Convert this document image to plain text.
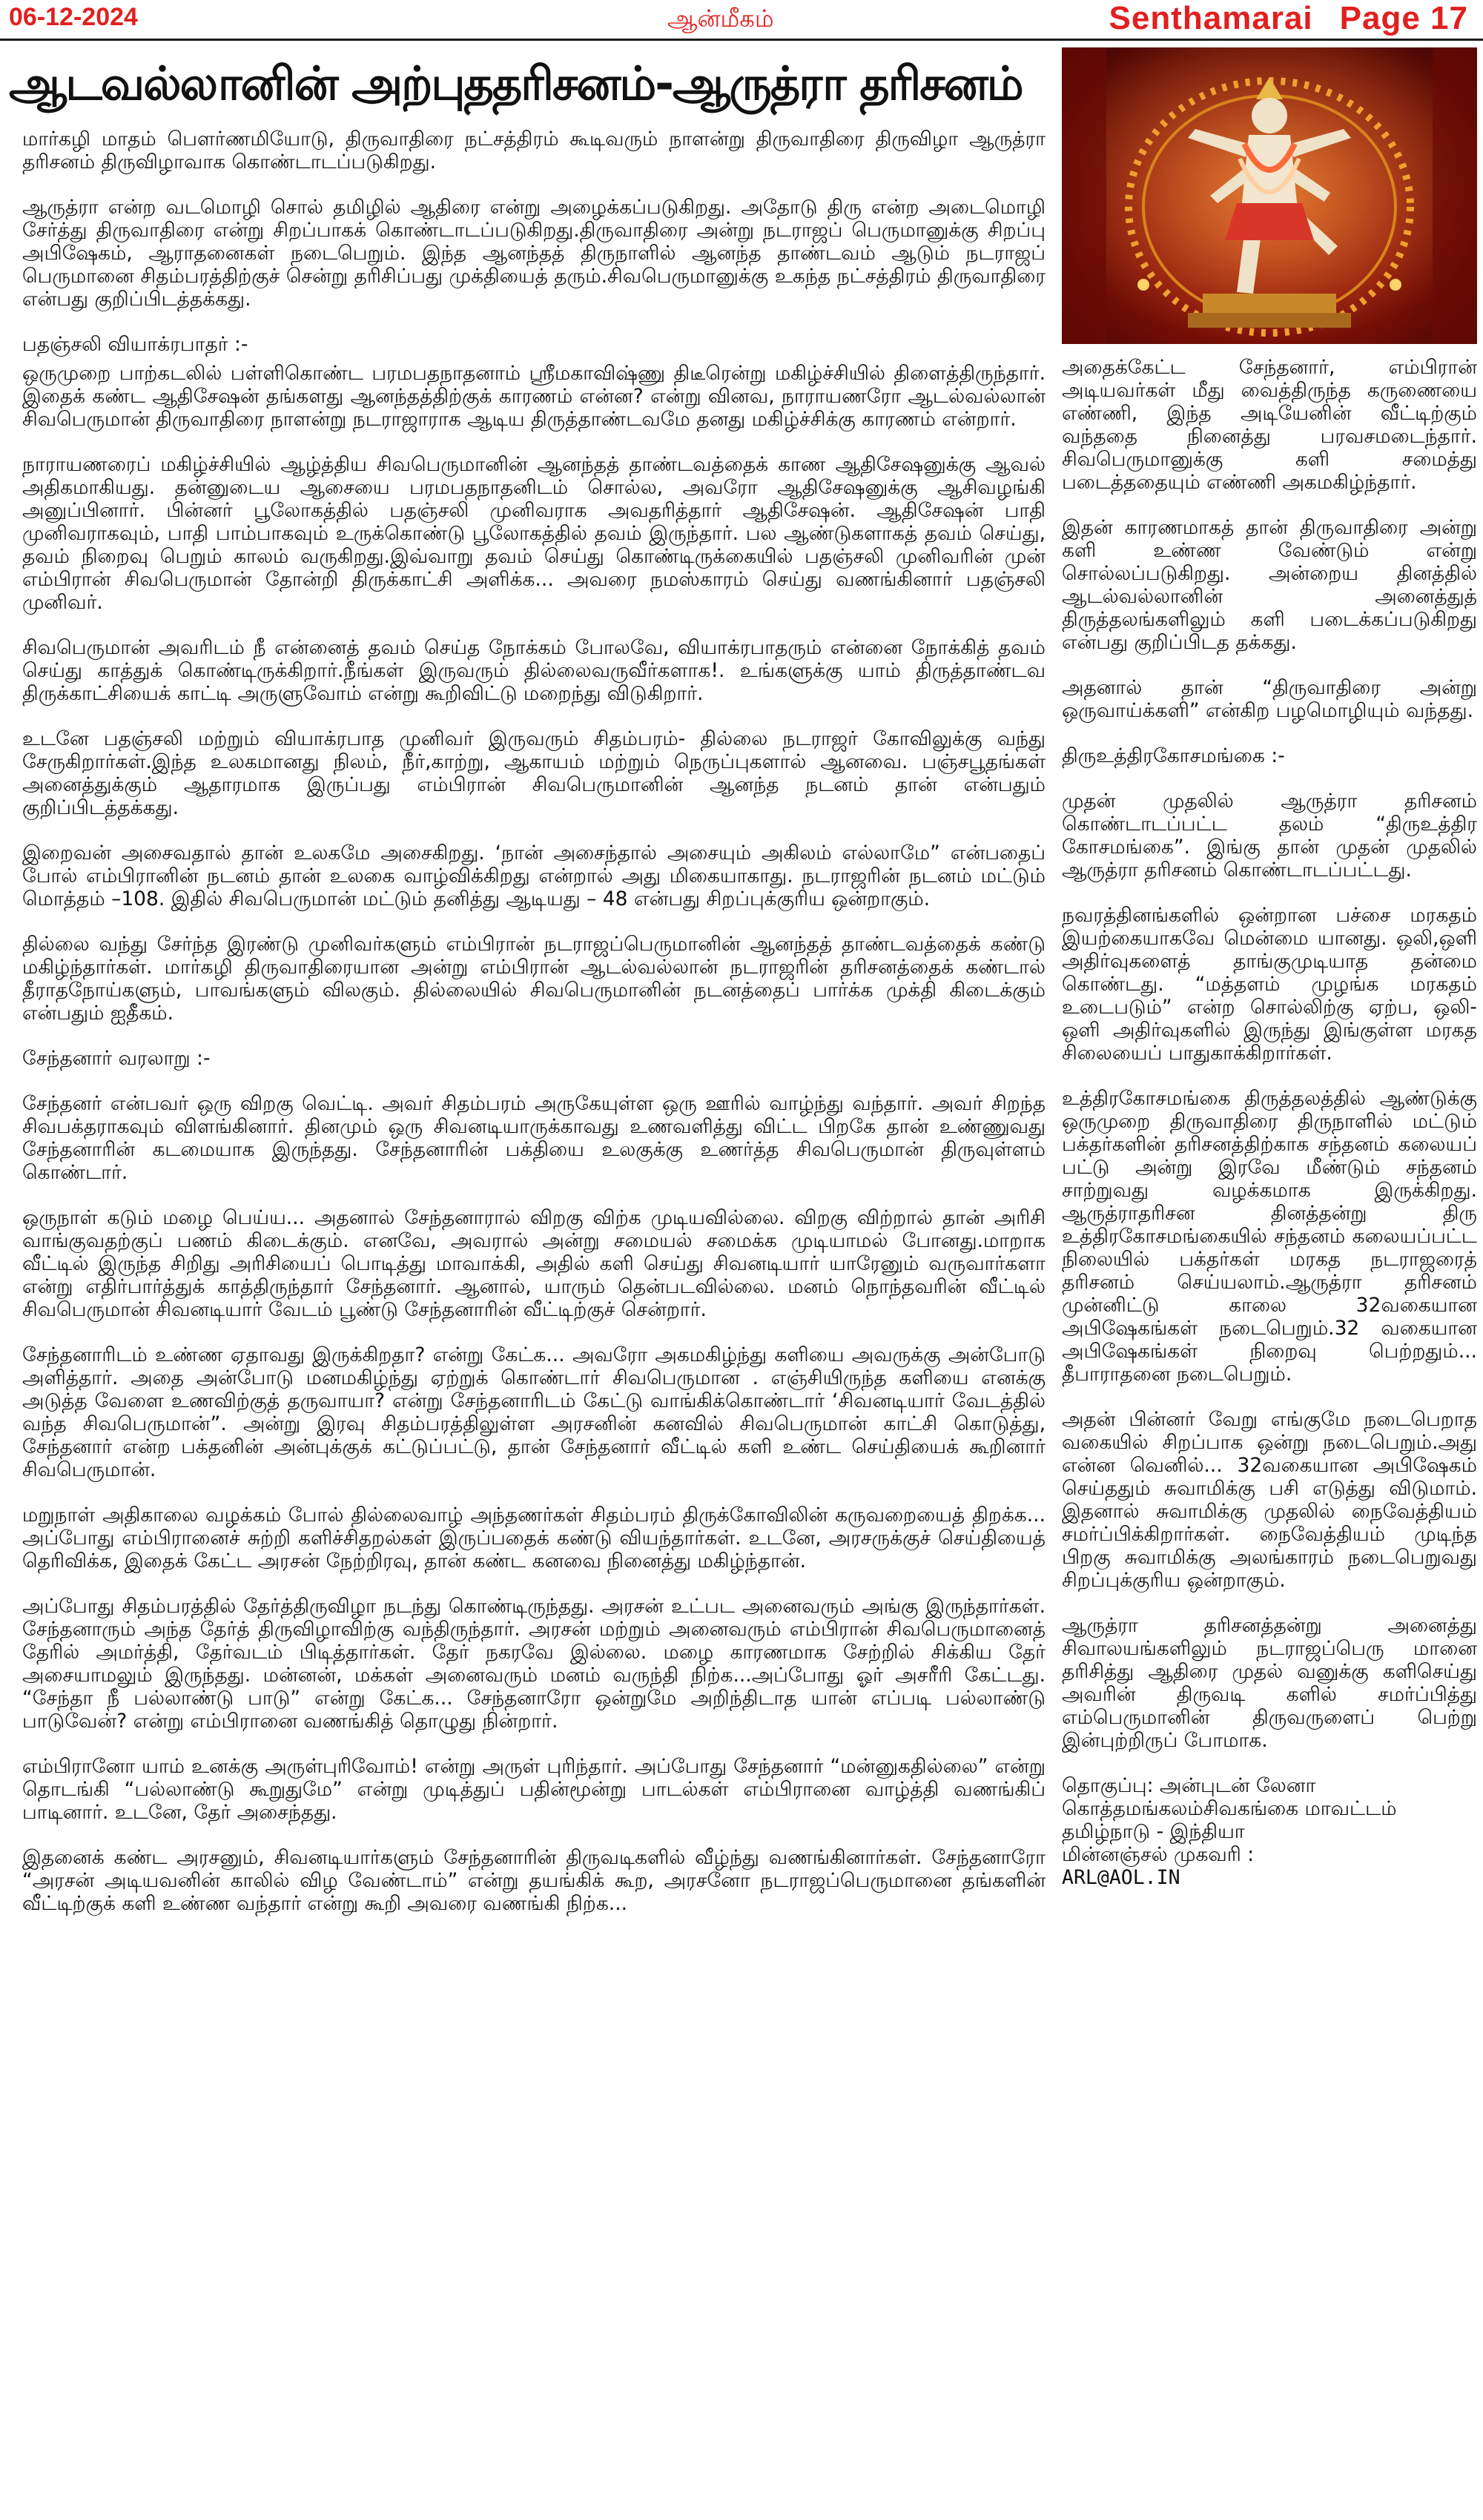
06-12-2024	ஆன்மீகம்	Senthamarai Page 17
ஆடவல்லானின் அற்புததரிசனம்-ஆருத்ரா தரிசனம்

மார்கழி மாதம் பௌர்ணமியோடு, திருவாதிரை நட்சத்திரம் கூடிவரும் நாளன்று திருவாதிரை திருவிழா ஆருத்ரா தரிசனம் திருவிழாவாக கொண்டாடப்படுகிறது.

ஆருத்ரா என்ற வடமொழி சொல் தமிழில் ஆதிரை என்று அழைக்கப்படுகிறது. அதோடு திரு என்ற அடைமொழி சேர்த்து திருவாதிரை என்று சிறப்பாகக் கொண்டாடப்படுகிறது.திருவாதிரை அன்று நடராஜப் பெருமானுக்கு சிறப்பு அபிஷேகம், ஆராதனைகள் நடைபெறும். இந்த ஆனந்தத் திருநாளில் ஆனந்த தாண்டவம் ஆடும் நடராஜப் பெருமானை சிதம்பரத்திற்குச் சென்று தரிசிப்பது முக்தியைத் தரும்.சிவபெருமானுக்கு உகந்த நட்சத்திரம் திருவாதிரை என்பது குறிப்பிடத்தக்கது.

பதஞ்சலி வியாக்ரபாதர் :-

ஒருமுறை பாற்கடலில் பள்ளிகொண்ட பரமபதநாதனாம் ஸ்ரீமகாவிஷ்ணு திடீரென்று மகிழ்ச்சியில் திளைத்திருந்தார். இதைக் கண்ட ஆதிசேஷன் தங்களது ஆனந்தத்திற்குக் காரணம் என்ன? என்று வினவ, நாராயணரோ ஆடல்வல்லான் சிவபெருமான் திருவாதிரை நாளன்று நடராஜாராக ஆடிய திருத்தாண்டவமே தனது மகிழ்ச்சிக்கு காரணம் என்றார்.

நாராயணரைப் மகிழ்ச்சியில் ஆழ்த்திய சிவபெருமானின் ஆனந்தத் தாண்டவத்தைக் காண ஆதிசேஷனுக்கு ஆவல் அதிகமாகியது. தன்னுடைய ஆசையை பரமபதநாதனிடம் சொல்ல, அவரோ ஆதிசேஷனுக்கு ஆசிவழங்கி அனுப்பினார். பின்னர் பூலோகத்தில் பதஞ்சலி முனிவராக அவதரித்தார் ஆதிசேஷன். ஆதிசேஷன் பாதி முனிவராகவும், பாதி பாம்பாகவும் உருக்கொண்டு பூலோகத்தில் தவம் இருந்தார். பல ஆண்டுகளாகத் தவம் செய்து, தவம் நிறைவு பெறும் காலம் வருகிறது.இவ்வாறு தவம் செய்து கொண்டிருக்கையில் பதஞ்சலி முனிவரின் முன் எம்பிரான் சிவபெருமான் தோன்றி திருக்காட்சி அளிக்க... அவரை நமஸ்காரம் செய்து வணங்கினார் பதஞ்சலி முனிவர்.

சிவபெருமான் அவரிடம் நீ என்னைத் தவம் செய்த நோக்கம் போலவே, வியாக்ரபாதரும் என்னை நோக்கித் தவம் செய்து காத்துக் கொண்டிருக்கிறார்.நீங்கள் இருவரும் தில்லைவருவீர்களாக!. உங்களுக்கு யாம் திருத்தாண்டவ திருக்காட்சியைக் காட்டி அருளுவோம் என்று கூறிவிட்டு மறைந்து விடுகிறார்.

உடனே பதஞ்சலி மற்றும் வியாக்ரபாத முனிவர் இருவரும் சிதம்பரம்- தில்லை நடராஜர் கோவிலுக்கு வந்து சேருகிறார்கள்.இந்த உலகமானது நிலம், நீர்,காற்று, ஆகாயம் மற்றும் நெருப்புகளால் ஆனவை. பஞ்சபூதங்கள் அனைத்துக்கும் ஆதாரமாக இருப்பது எம்பிரான் சிவபெருமானின் ஆனந்த நடனம் தான் என்பதும் குறிப்பிடத்தக்கது.

இறைவன் அசைவதால் தான் உலகமே அசைகிறது. ‘நான் அசைந்தால் அசையும் அகிலம் எல்லாமே” என்பதைப் போல் எம்பிரானின் நடனம் தான் உலகை வாழ்விக்கிறது என்றால் அது மிகையாகாது. நடராஜரின் நடனம் மட்டும் மொத்தம் –108. இதில் சிவபெருமான் மட்டும் தனித்து ஆடியது – 48 என்பது சிறப்புக்குரிய ஒன்றாகும்.

தில்லை வந்து சேர்ந்த இரண்டு முனிவர்களும் எம்பிரான் நடராஜப்பெருமானின் ஆனந்தத் தாண்டவத்தைக் கண்டு மகிழ்ந்தார்கள். மார்கழி திருவாதிரையான அன்று எம்பிரான் ஆடல்வல்லான் நடராஜரின் தரிசனத்தைக் கண்டால் தீராதநோய்களும், பாவங்களும் விலகும். தில்லையில் சிவபெருமானின் நடனத்தைப் பார்க்க முக்தி கிடைக்கும் என்பதும் ஐதீகம்.

சேந்தனார் வரலாறு :-

சேந்தனர் என்பவர் ஒரு விறகு வெட்டி. அவர் சிதம்பரம் அருகேயுள்ள ஒரு ஊரில் வாழ்ந்து வந்தார். அவர் சிறந்த சிவபக்தராகவும் விளங்கினார். தினமும் ஒரு சிவனடியாருக்காவது உணவளித்து விட்ட பிறகே தான் உண்ணுவது சேந்தனாரின் கடமையாக இருந்தது. சேந்தனாரின் பக்தியை உலகுக்கு உணர்த்த சிவபெருமான் திருவுள்ளம் கொண்டார்.

ஒருநாள் கடும் மழை பெய்ய... அதனால் சேந்தனாரால் விறகு விற்க முடியவில்லை. விறகு விற்றால் தான் அரிசி வாங்குவதற்குப் பணம் கிடைக்கும். எனவே, அவரால் அன்று சமையல் சமைக்க முடியாமல் போனது.மாறாக வீட்டில் இருந்த சிறிது அரிசியைப் பொடித்து மாவாக்கி, அதில் களி செய்து சிவனடியார் யாரேனும் வருவார்களா என்று எதிர்பார்த்துக் காத்திருந்தார் சேந்தனார். ஆனால், யாரும் தென்படவில்லை. மனம் நொந்தவரின் வீட்டில் சிவபெருமான் சிவனடியார் வேடம் பூண்டு சேந்தனாரின் வீட்டிற்குச் சென்றார்.

சேந்தனாரிடம் உண்ண ஏதாவது இருக்கிறதா? என்று கேட்க... அவரோ அகமகிழ்ந்து களியை அவருக்கு அன்போடு அளித்தார். அதை அன்போடு மனமகிழ்ந்து ஏற்றுக் கொண்டார் சிவபெருமான . எஞ்சியிருந்த களியை எனக்கு அடுத்த வேளை உணவிற்குத் தருவாயா? என்று சேந்தனாரிடம் கேட்டு வாங்கிக்கொண்டார் ‘சிவனடியார் வேடத்தில் வந்த சிவபெருமான்”. அன்று இரவு சிதம்பரத்திலுள்ள அரசனின் கனவில் சிவபெருமான் காட்சி கொடுத்து, சேந்தனார் என்ற பக்தனின் அன்புக்குக் கட்டுப்பட்டு, தான் சேந்தனார் வீட்டில் களி உண்ட செய்தியைக் கூறினார் சிவபெருமான்.

மறுநாள் அதிகாலை வழக்கம் போல் தில்லைவாழ் அந்தணர்கள் சிதம்பரம் திருக்கோவிலின் கருவறையைத் திறக்க... அப்போது எம்பிரானைச் சுற்றி களிச்சிதறல்கள் இருப்பதைக் கண்டு வியந்தார்கள். உடனே, அரசருக்குச் செய்தியைத் தெரிவிக்க, இதைக் கேட்ட அரசன் நேற்றிரவு, தான் கண்ட கனவை நினைத்து மகிழ்ந்தான்.

அப்போது சிதம்பரத்தில் தேர்த்திருவிழா நடந்து கொண்டிருந்தது. அரசன் உட்பட அனைவரும் அங்கு இருந்தார்கள். சேந்தனாரும் அந்த தேர்த் திருவிழாவிற்கு வந்திருந்தார். அரசன் மற்றும் அனைவரும் எம்பிரான் சிவபெருமானைத் தேரில் அமர்த்தி, தேர்வடம் பிடித்தார்கள். தேர் நகரவே இல்லை. மழை காரணமாக சேற்றில் சிக்கிய தேர் அசையாமலும் இருந்தது. மன்னன், மக்கள் அனைவரும் மனம் வருந்தி நிற்க...அப்போது ஓர் அசரீரி கேட்டது. “சேந்தா நீ பல்லாண்டு பாடு” என்று கேட்க... சேந்தனாரோ ஒன்றுமே அறிந்திடாத யான் எப்படி பல்லாண்டு பாடுவேன்? என்று எம்பிரானை வணங்கித் தொழுது நின்றார்.

எம்பிரானோ யாம் உனக்கு அருள்புரிவோம்! என்று அருள் புரிந்தார். அப்போது சேந்தனார் “மன்னுகதில்லை” என்று தொடங்கி “பல்லாண்டு கூறுதுமே” என்று முடித்துப் பதின்மூன்று பாடல்கள் எம்பிரானை வாழ்த்தி வணங்கிப் பாடினார். உடனே, தேர் அசைந்தது.

இதனைக் கண்ட அரசனும், சிவனடியார்களும் சேந்தனாரின் திருவடிகளில் வீழ்ந்து வணங்கினார்கள். சேந்தனாரோ “அரசன் அடியவனின் காலில் விழ வேண்டாம்” என்று தயங்கிக் கூற, அரசனோ நடராஜப்பெருமானை தங்களின் வீட்டிற்குக் களி உண்ண வந்தார் என்று கூறி அவரை வணங்கி நிற்க...

அதைக்கேட்ட சேந்தனார், எம்பிரான் அடியவர்கள் மீது வைத்திருந்த கருணையை எண்ணி, இந்த அடியேனின் வீட்டிற்கும் வந்ததை நினைத்து பரவசமடைந்தார். சிவபெருமானுக்கு களி சமைத்து படைத்ததையும் எண்ணி அகமகிழ்ந்தார்.

இதன் காரணமாகத் தான் திருவாதிரை அன்று களி உண்ண வேண்டும் என்று சொல்லப்படுகிறது. அன்றைய தினத்தில் ஆடல்வல்லானின் அனைத்துத் திருத்தலங்களிலும் களி படைக்கப்படுகிறது என்பது குறிப்பிடத தக்கது.

அதனால் தான் “திருவாதிரை அன்று ஒருவாய்க்களி” என்கிற பழமொழியும் வந்தது.

திருஉத்திரகோசமங்கை :-

முதன் முதலில் ஆருத்ரா தரிசனம் கொண்டாடப்பட்ட தலம் “திருஉத்திர கோசமங்கை”. இங்கு தான் முதன் முதலில் ஆருத்ரா தரிசனம் கொண்டாடப்பட்டது.

நவரத்தினங்களில் ஒன்றான பச்சை மரகதம் இயற்கையாகவே மென்மை யானது. ஒலி,ஒளி அதிர்வுகளைத் தாங்குமுடியாத தன்மை கொண்டது. “மத்தளம் முழங்க மரகதம் உடைபடும்” என்ற சொல்லிற்கு ஏற்ப, ஒலி-ஒளி அதிர்வுகளில் இருந்து இங்குள்ள மரகத சிலையைப் பாதுகாக்கிறார்கள்.

உத்திரகோசமங்கை திருத்தலத்தில் ஆண்டுக்கு ஒருமுறை திருவாதிரை திருநாளில் மட்டும் பக்தர்களின் தரிசனத்திற்காக சந்தனம் கலையப் பட்டு அன்று இரவே மீண்டும் சந்தனம் சாற்றுவது வழக்கமாக இருக்கிறது. ஆருத்ராதரிசன தினத்தன்று திரு உத்திரகோசமங்கையில் சந்தனம் கலையப்பட்ட நிலையில் பக்தர்கள் மரகத நடராஜரைத் தரிசனம் செய்யலாம்.ஆருத்ரா தரிசனம் முன்னிட்டு காலை 32வகையான அபிஷேகங்கள் நடைபெறும்.32 வகையான அபிஷேகங்கள் நிறைவு பெற்றதும்... தீபாராதனை நடைபெறும்.

அதன் பின்னர் வேறு எங்குமே நடைபெறாத வகையில் சிறப்பாக ஒன்று நடைபெறும்.அது என்ன வெனில்... 32வகையான அபிஷேகம் செய்ததும் சுவாமிக்கு பசி எடுத்து விடுமாம். இதனால் சுவாமிக்கு முதலில் நைவேத்தியம் சமர்ப்பிக்கிறார்கள். நைவேத்தியம் முடிந்த பிறகு சுவாமிக்கு அலங்காரம் நடைபெறுவது சிறப்புக்குரிய ஒன்றாகும்.

ஆருத்ரா தரிசனத்தன்று அனைத்து சிவாலயங்களிலும் நடராஜப்பெரு மானை தரிசித்து ஆதிரை முதல் வனுக்கு களிசெய்து அவரின் திருவடி களில் சமர்ப்பித்து எம்பெருமானின் திருவருளைப் பெற்று இன்புற்றிருப் போமாக.

தொகுப்பு: அன்புடன் லேனா
கொத்தமங்கலம்சிவகங்கை மாவட்டம்
தமிழ்நாடு - இந்தியா
மின்னஞ்சல் முகவரி :
ARL@AOL.IN
